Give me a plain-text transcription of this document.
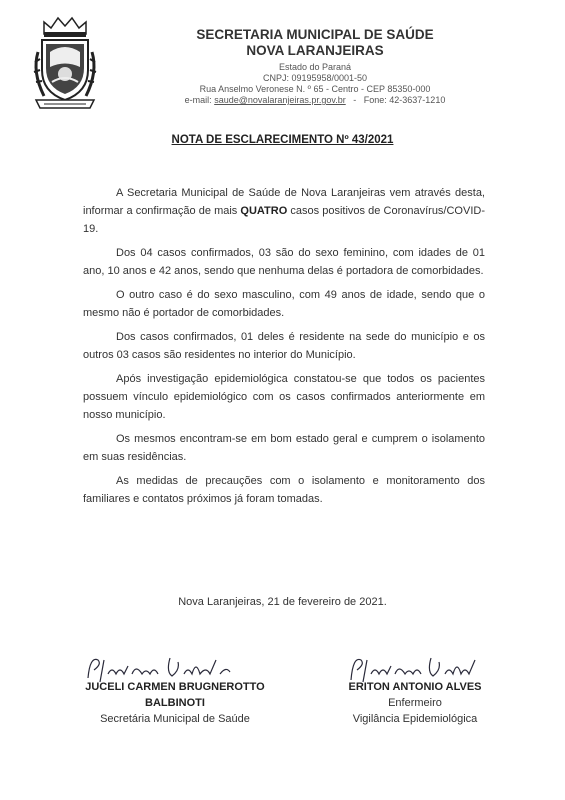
SECRETARIA MUNICIPAL DE SAÚDE
NOVA LARANJEIRAS
Estado do Paraná
CNPJ: 09195958/0001-50
Rua Anselmo Veronese N. º 65 - Centro - CEP 85350-000
e-mail: saude@novalaranjeiras.pr.gov.br - Fone: 42-3637-1210
NOTA DE ESCLARECIMENTO Nº 43/2021

A Secretaria Municipal de Saúde de Nova Laranjeiras vem através desta, informar a confirmação de mais QUATRO casos positivos de Coronavírus/COVID-19.

Dos 04 casos confirmados, 03 são do sexo feminino, com idades de 01 ano, 10 anos e 42 anos, sendo que nenhuma delas é portadora de comorbidades.

O outro caso é do sexo masculino, com 49 anos de idade, sendo que o mesmo não é portador de comorbidades.

Dos casos confirmados, 01 deles é residente na sede do município e os outros 03 casos são residentes no interior do Município.

Após investigação epidemiológica constatou-se que todos os pacientes possuem vínculo epidemiológico com os casos confirmados anteriormente em nosso município.

Os mesmos encontram-se em bom estado geral e cumprem o isolamento em suas residências.

As medidas de precauções com o isolamento e monitoramento dos familiares e contatos próximos já foram tomadas.

Nova Laranjeiras, 21 de fevereiro de 2021.
JUCELI CARMEN BRUGNEROTTO BALBINOTI
Secretária Municipal de Saúde
ERITON ANTONIO ALVES
Enfermeiro
Vigilância Epidemiológica
